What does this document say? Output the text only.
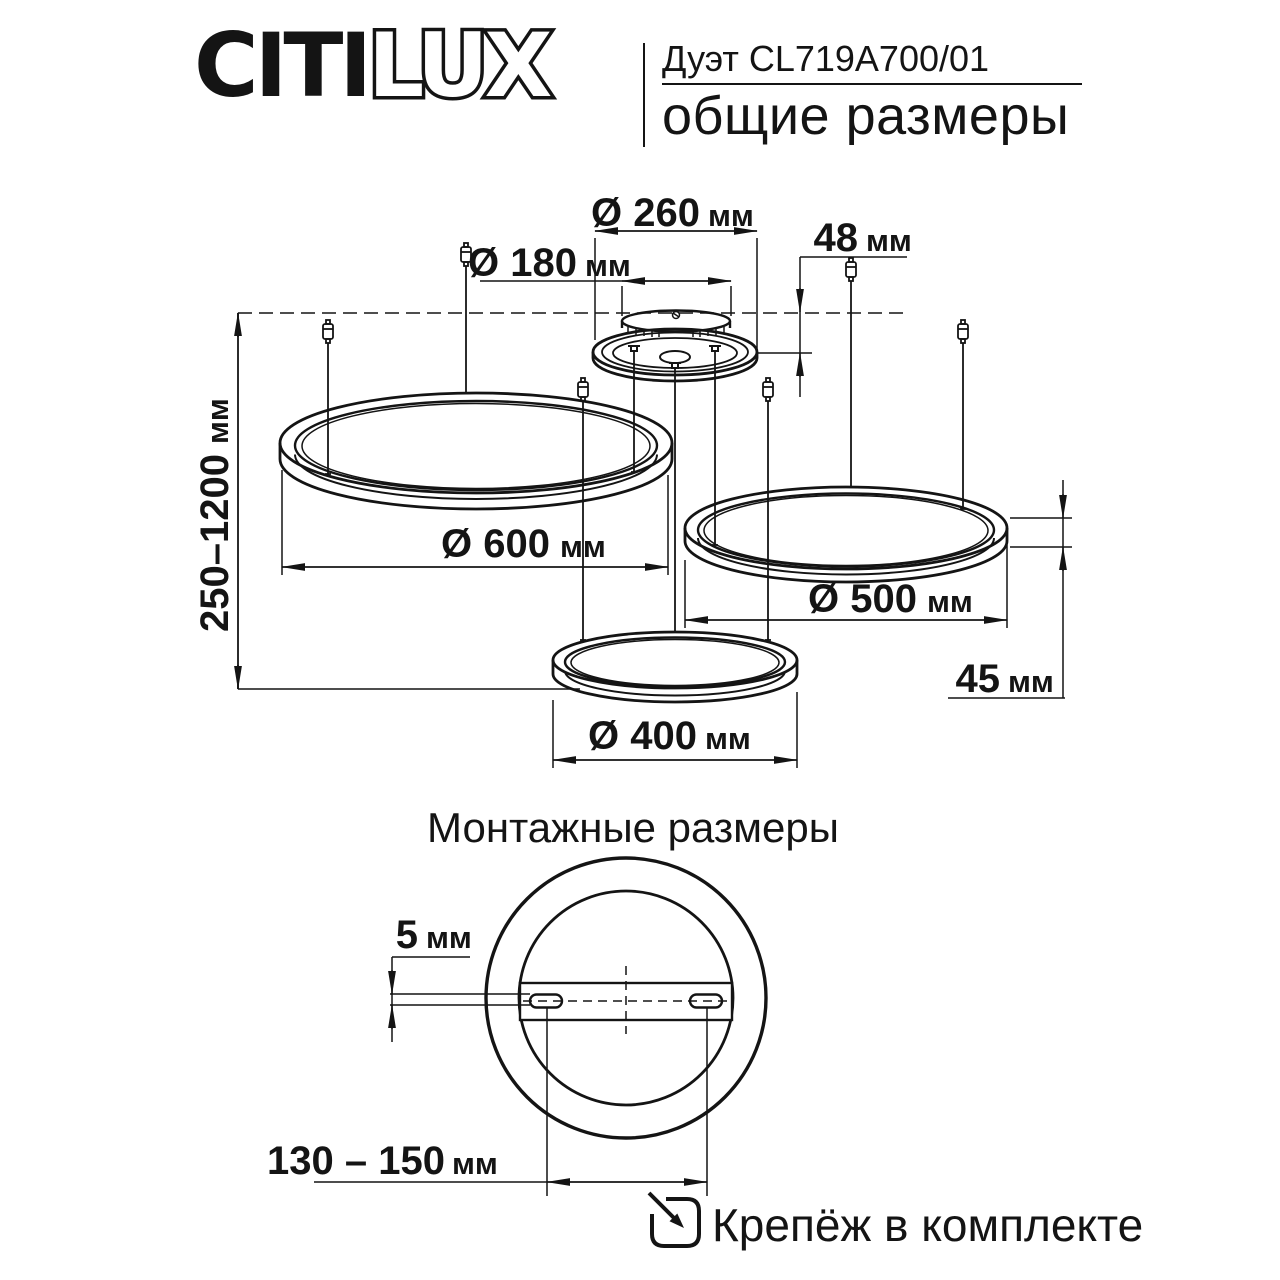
CITILUX	Дуэт CL719A700/01
общие размеры
Ø 260 мм
Ø 180 мм
48 мм
250–1200
мм
Ø 600 мм
Ø 500 мм
45 мм
Ø 400 мм
Монтажные размеры
5 мм
130 – 150 мм
Крепёж в комплекте
